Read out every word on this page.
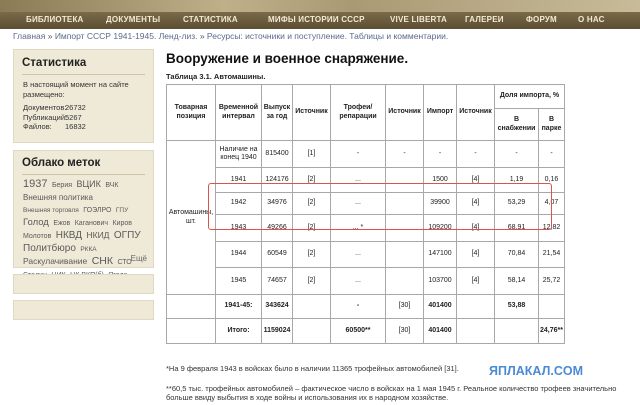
БИБЛИОТЕКА	ДОКУМЕНТЫ	СТАТИСТИКА	МИФЫ ИСТОРИИ СССР	VIVE LIBERTA ГАЛЕРЕИ	ФОРУМ	О НАС
Главная » Импорт СССР 1941-1945. Ленд-лиз. » Ресурсы: источники и поступление. Таблицы и комментарии.
Статистика
В настоящий момент на сайте размещено:
Документов:
26732
Публикаций:
5267
Файлов: 16832
Облако меток
1937 Берия ВЦИК ВЧК Внешняя политика Внешняя торговля ГОЭЛРО ГПУ Голод Ежов Каганович Киров Молотов НКВД НКИД ОГПУ Политбюро РККА Раскулачивание СНК СТО
Ещё
Вооружение и военное снаряжение.
Таблица 3.1. Автомашины.
Товарная позиция	Временной интервал	Выпуск за год	Источник	Трофеи/ репарации	Источник	Импорт	Источник	Доля импорта, %	
								В снабжении	В парке
Автомашины, шт.	Наличие на конец 1940	815400	[1]	-	-	-	-	-	-
	1941	124176	[2]	...		1500	[4]	1,19	0,16
	1942	34976	[2]	...		39900	[4]	53,29	4,07
	1943	49266	[2]	... *		109200	[4]	68,91	12,82
	1944	60549	[2]	...		147100	[4]	70,84	21,54
	1945	74657	[2]	...		103700	[4]	58,14	25,72
	1941-45:	343624		-	[30]	401400		53,88	
	Итого:	1159024		60500**	[30]	401400			24,76**
*На 9 февраля 1943 в войсках было в наличии 11365 трофейных автомобилей [31].
**60,5 тыс. трофейных автомобилей – фактическое число в войсках на 1 мая 1945 г. Реальное количество трофеев значительно больше ввиду выбытия в ходе войны и использования их в народном хозяйстве.
ЯПЛАКАЛ.COM
